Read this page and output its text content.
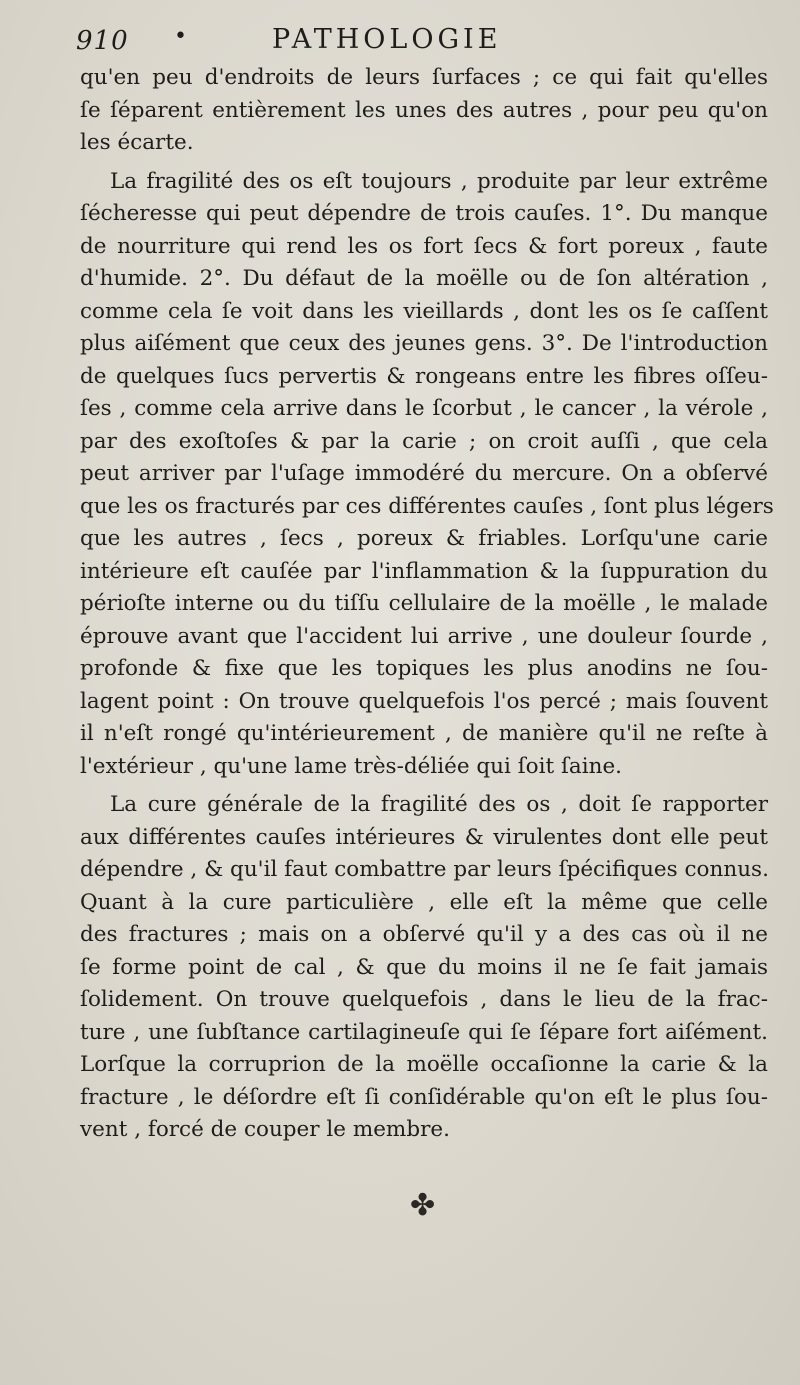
910 •	PATHOLOGIE
qu'en peu d'endroits de leurs ſurfaces ; ce qui fait qu'elles
ſe ſéparent entièrement les unes des autres , pour peu qu'on
les écarte.
La fragilité des os eſt toujours , produite par leur extrême
ſécheresse qui peut dépendre de trois cauſes. 1°. Du manque
de nourriture qui rend les os fort ſecs & fort poreux , faute
d'humide. 2°. Du défaut de la moëlle ou de ſon altération ,
comme cela ſe voit dans les vieillards , dont les os ſe caſſent
plus aiſément que ceux des jeunes gens. 3°. De l'introduction
de quelques ſucs pervertis & rongeans entre les fibres oſſeu-
ſes , comme cela arrive dans le ſcorbut , le cancer , la vérole ,
par des exoſtoſes & par la carie ; on croit auſſi , que cela
peut arriver par l'uſage immodéré du mercure. On a obſervé
que les os fracturés par ces différentes cauſes , ſont plus légers
que les autres , ſecs , poreux & friables. Lorſqu'une carie
intérieure eſt cauſée par l'inflammation & la ſuppuration du
périoſte interne ou du tiſſu cellulaire de la moëlle , le malade
éprouve avant que l'accident lui arrive , une douleur ſourde ,
profonde & fixe que les topiques les plus anodins ne ſou-
lagent point : On trouve quelquefois l'os percé ; mais ſouvent
il n'eſt rongé qu'intérieurement , de manière qu'il ne reſte à
l'extérieur , qu'une lame très-déliée qui ſoit ſaine.
La cure générale de la fragilité des os , doit ſe rapporter
aux différentes cauſes intérieures & virulentes dont elle peut
dépendre , & qu'il faut combattre par leurs ſpécifiques connus.
Quant à la cure particulière , elle eſt la même que celle
des fractures ; mais on a obſervé qu'il y a des cas où il ne
ſe forme point de cal , & que du moins il ne ſe fait jamais
ſolidement. On trouve quelquefois , dans le lieu de la frac-
ture , une ſubſtance cartilagineuſe qui ſe ſépare fort aiſément.
Lorſque la corruprion de la moëlle occaſionne la carie & la
fracture , le déſordre eſt ſi conſidérable qu'on eſt le plus ſou-
vent , forcé de couper le membre.
✤
